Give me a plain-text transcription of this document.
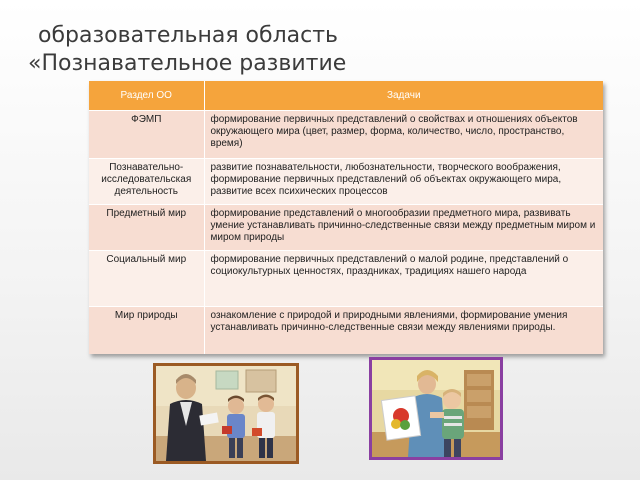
образовательная область
«Познавательное развитие
Раздел ОО	Задачи
ФЭМП	формирование первичных представлений о свойствах и отношениях объектов окружающего мира (цвет, размер, форма, количество, число, пространство, время)
Познавательно-исследовательская деятельность	развитие познавательности, любознательности, творческого воображения, формирование первичных представлений об объектах окружающего мира, развитие всех психических процессов
Предметный мир	формирование представлений о многообразии предметного мира, развивать умение устанавливать причинно-следственные связи между предметным миром и миром природы
Социальный мир	формирование первичных представлений о малой родине, представлений о социокультурных ценностях, праздниках, традициях нашего народа
Мир природы	ознакомление с природой и природными явлениями, формирование умения устанавливать причинно-следственные связи между явлениями природы.
